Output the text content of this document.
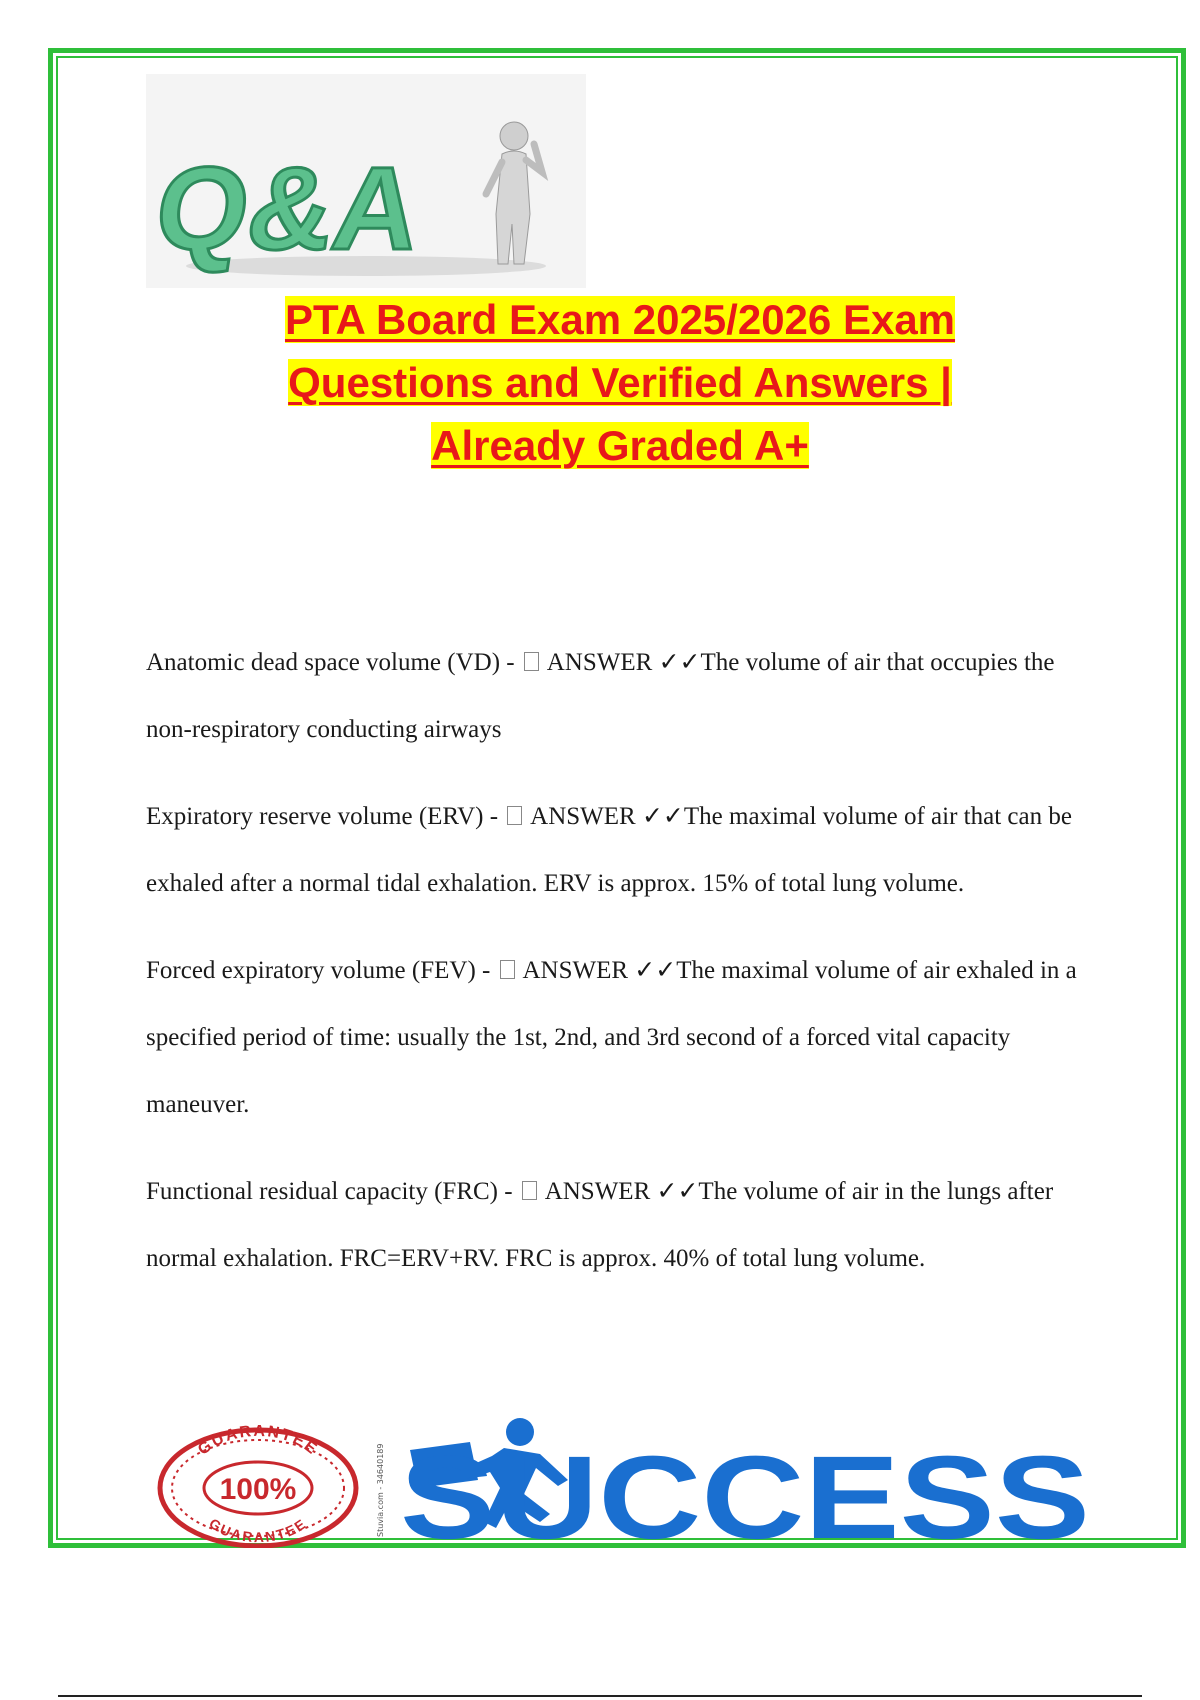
Q&A
PTA Board Exam 2025/2026 Exam
Questions and Verified Answers |
Already Graded A+

Anatomic dead space volume (VD) - ANSWER ✓✓The volume of air that occupies the non-respiratory conducting airways

Expiratory reserve volume (ERV) - ANSWER ✓✓The maximal volume of air that can be exhaled after a normal tidal exhalation. ERV is approx. 15% of total lung volume.

Forced expiratory volume (FEV) - ANSWER ✓✓The maximal volume of air exhaled in a specified period of time: usually the 1st, 2nd, and 3rd second of a forced vital capacity maneuver.

Functional residual capacity (FRC) - ANSWER ✓✓The volume of air in the lungs after normal exhalation. FRC=ERV+RV. FRC is approx. 40% of total lung volume.

GUARANTEE
100%
GUARANTEE	Stuvia.com - 34640189 SUCCESS
